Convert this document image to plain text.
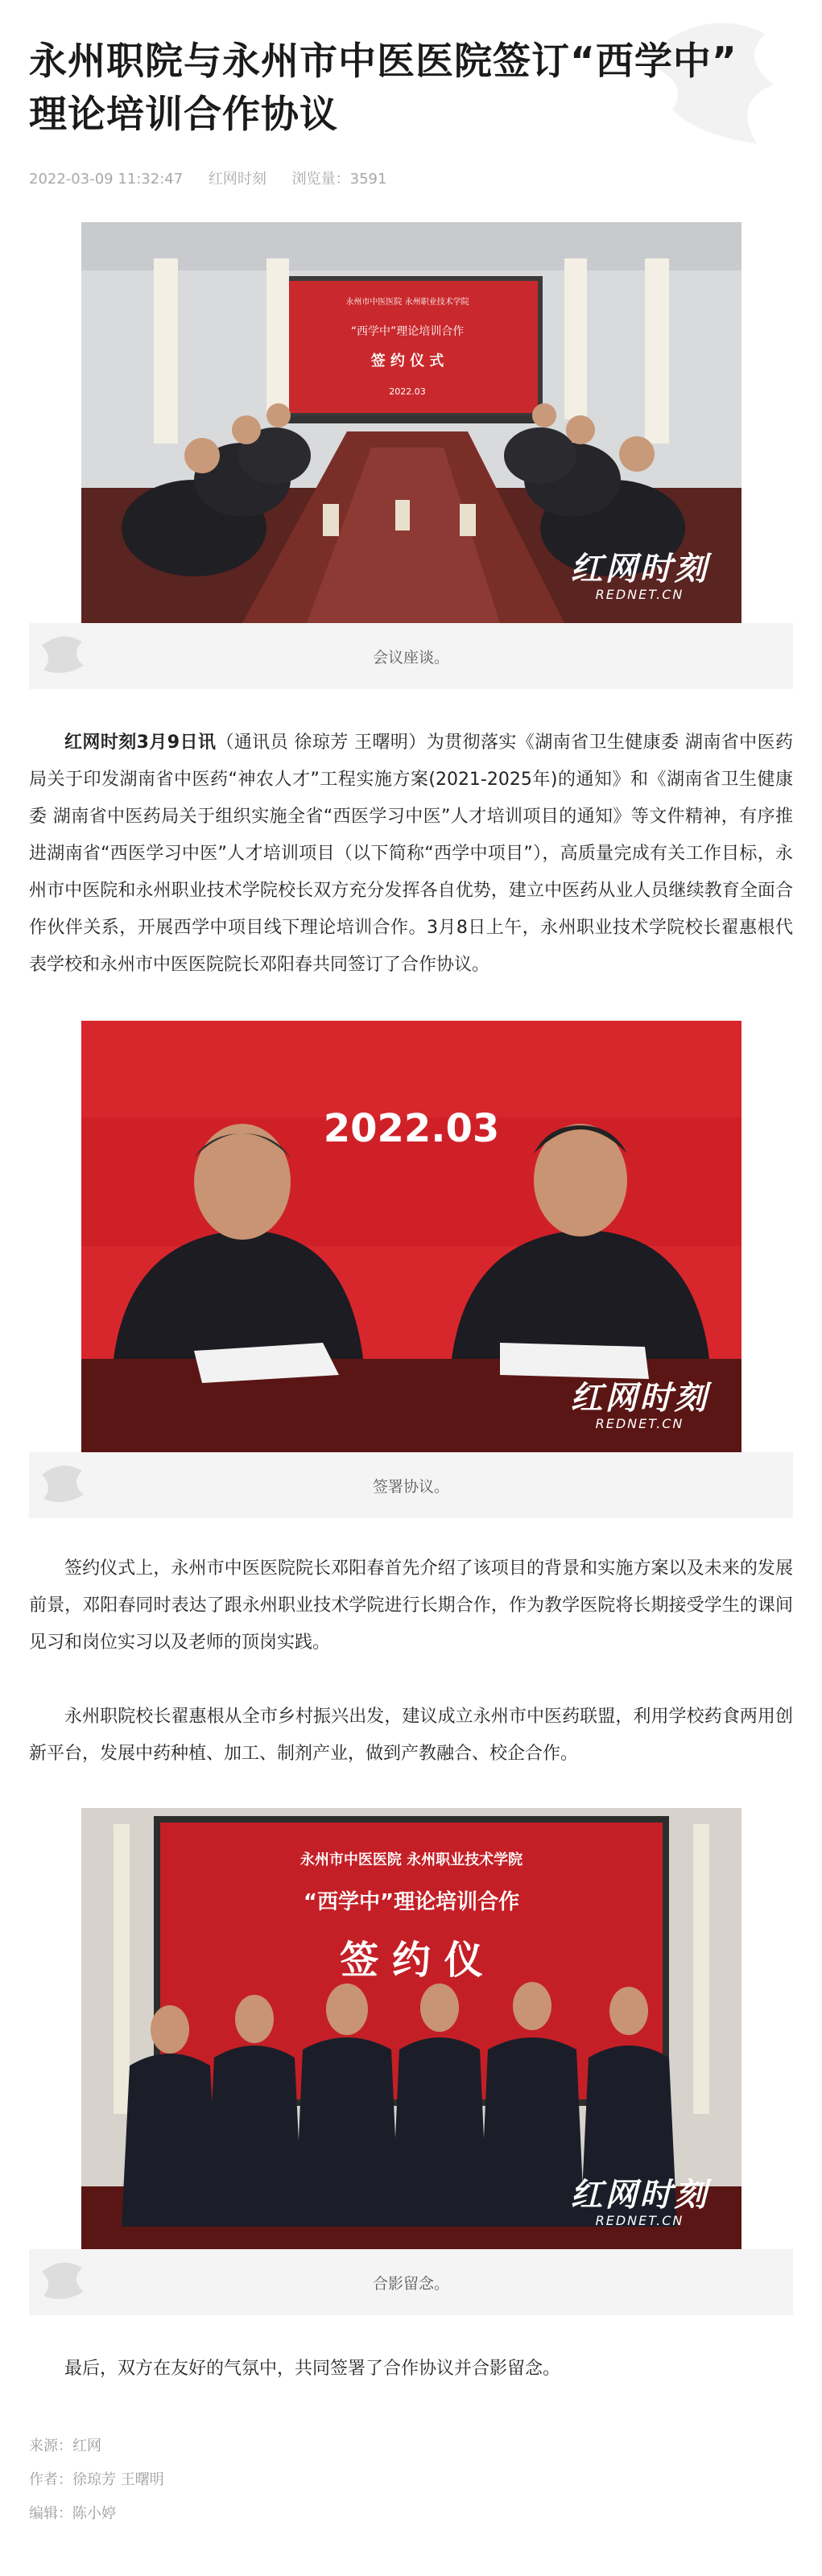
永州职院与永州市中医医院签订“西学中”
理论培训合作协议
2022-03-09 11:32:47 红网时刻 浏览量：3591
永州市中医医院 永州职业技术学院
“西学中”理论培训合作
签 约 仪 式
2022.03
红网时刻
REDNET.CN
会议座谈。

红网时刻3月9日讯（通讯员 徐琼芳 王曙明）为贯彻落实《湖南省卫生健康委 湖南省中医药局关于印发湖南省中医药“神农人才”工程实施方案(2021-2025年)的通知》和《湖南省卫生健康委 湖南省中医药局关于组织实施全省“西医学习中医”人才培训项目的通知》等文件精神，有序推进湖南省“西医学习中医”人才培训项目（以下简称“西学中项目”），高质量完成有关工作目标，永州市中医院和永州职业技术学院校长双方充分发挥各自优势，建立中医药从业人员继续教育全面合作伙伴关系，开展西学中项目线下理论培训合作。3月8日上午，永州职业技术学院校长翟惠根代表学校和永州市中医医院院长邓阳春共同签订了合作协议。

2022.03
红网时刻
REDNET.CN
签署协议。

签约仪式上，永州市中医医院院长邓阳春首先介绍了该项目的背景和实施方案以及未来的发展前景，邓阳春同时表达了跟永州职业技术学院进行长期合作，作为教学医院将长期接受学生的课间见习和岗位实习以及老师的顶岗实践。

永州职院校长翟惠根从全市乡村振兴出发，建议成立永州市中医药联盟，利用学校药食两用创新平台，发展中药种植、加工、制剂产业，做到产教融合、校企合作。

永州市中医医院 永州职业技术学院
“西学中”理论培训合作
签 约 仪
红网时刻
REDNET.CN
合影留念。

最后，双方在友好的气氛中，共同签署了合作协议并合影留念。

来源：红网
作者：徐琼芳 王曙明
编辑：陈小婷
